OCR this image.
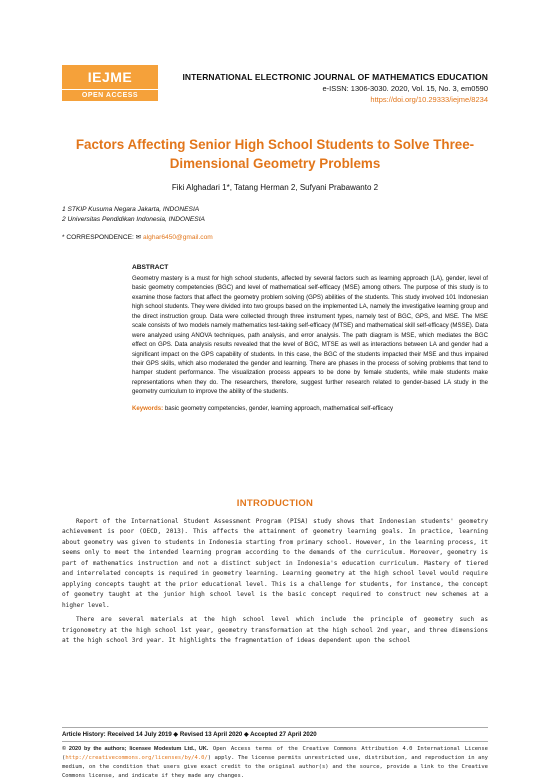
IEJME
OPEN ACCESS
INTERNATIONAL ELECTRONIC JOURNAL OF MATHEMATICS EDUCATION
e-ISSN: 1306-3030. 2020, Vol. 15, No. 3, em0590
https://doi.org/10.29333/iejme/8234
Factors Affecting Senior High School Students to Solve Three-Dimensional Geometry Problems
Fiki Alghadari 1*, Tatang Herman 2, Sufyani Prabawanto 2
1 STKIP Kusuma Negara Jakarta, INDONESIA
2 Universitas Pendidikan Indonesia, INDONESIA
* CORRESPONDENCE: ✉ alghar6450@gmail.com
ABSTRACT
Geometry mastery is a must for high school students, affected by several factors such as learning approach (LA), gender, level of basic geometry competencies (BGC) and level of mathematical self-efficacy (MSE) among others. The purpose of this study is to examine those factors that affect the geometry problem solving (GPS) abilities of the students. This study involved 101 Indonesian high school students. They were divided into two groups based on the implemented LA, namely the investigative learning group and the direct instruction group. Data were collected through three instrument types, namely test of BGC, GPS, and MSE. The MSE scale consists of two models namely mathematics test-taking self-efficacy (MTSE) and mathematical skill self-efficacy (MSSE). Data were analyzed using ANOVA techniques, path analysis, and error analysis. The path diagram is MSE, which mediates the BGC effect on GPS. Data analysis results revealed that the level of BGC, MTSE as well as interactions between LA and gender had a significant impact on the GPS capability of students. In this case, the BGC of the students impacted their MSE and thus impaired their GPS skills, which also moderated the gender and learning. There are phases in the process of solving problems that tend to hamper student performance. The visualization process appears to be done by female students, while male students make representations when they do. The researchers, therefore, suggest further research related to gender-based LA study in the geometry curriculum to improve the ability of the students.
Keywords: basic geometry competencies, gender, learning approach, mathematical self-efficacy
INTRODUCTION

Report of the International Student Assessment Program (PISA) study shows that Indonesian students' geometry achievement is poor (OECD, 2013). This affects the attainment of geometry learning goals. In practice, learning about geometry was given to students in Indonesia starting from primary school. However, in the learning process, it seems only to meet the intended learning program according to the demands of the curriculum. Moreover, geometry is part of mathematics instruction and not a distinct subject in Indonesia's education curriculum. Mastery of tiered and interrelated concepts is required in geometry learning. Learning geometry at the high school level would require applying concepts taught at the prior educational level. This is a challenge for students, for instance, the concept of geometry taught at the junior high school level is the basic concept required to construct new schemes at a higher level.

There are several materials at the high school level which include the principle of geometry such as trigonometry at the high school 1st year, geometry transformation at the high school 2nd year, and three dimensions at the high school 3rd year. It highlights the fragmentation of ideas dependent upon the school

Article History: Received 14 July 2019 ◆ Revised 13 April 2020 ◆ Accepted 27 April 2020
© 2020 by the authors; licensee Modestum Ltd., UK. Open Access terms of the Creative Commons Attribution 4.0 International License (http://creativecommons.org/licenses/by/4.0/) apply. The license permits unrestricted use, distribution, and reproduction in any medium, on the condition that users give exact credit to the original author(s) and the source, provide a link to the Creative Commons license, and indicate if they made any changes.
